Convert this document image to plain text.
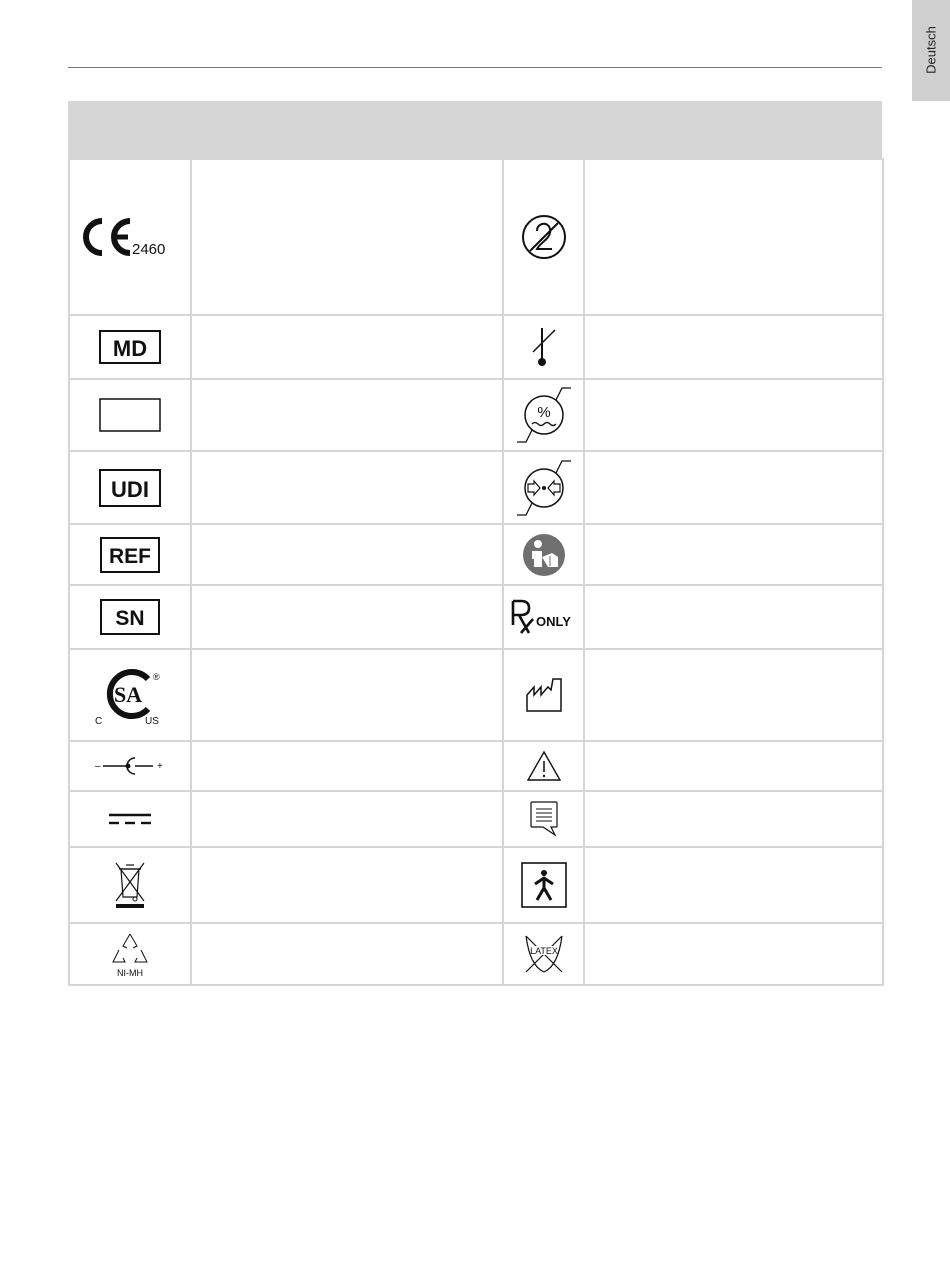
Deutsch
2460

MD

%	

UDI

REF

SN		ONLY	

SA
®
C US

– +

NI-MH		LATEX	
